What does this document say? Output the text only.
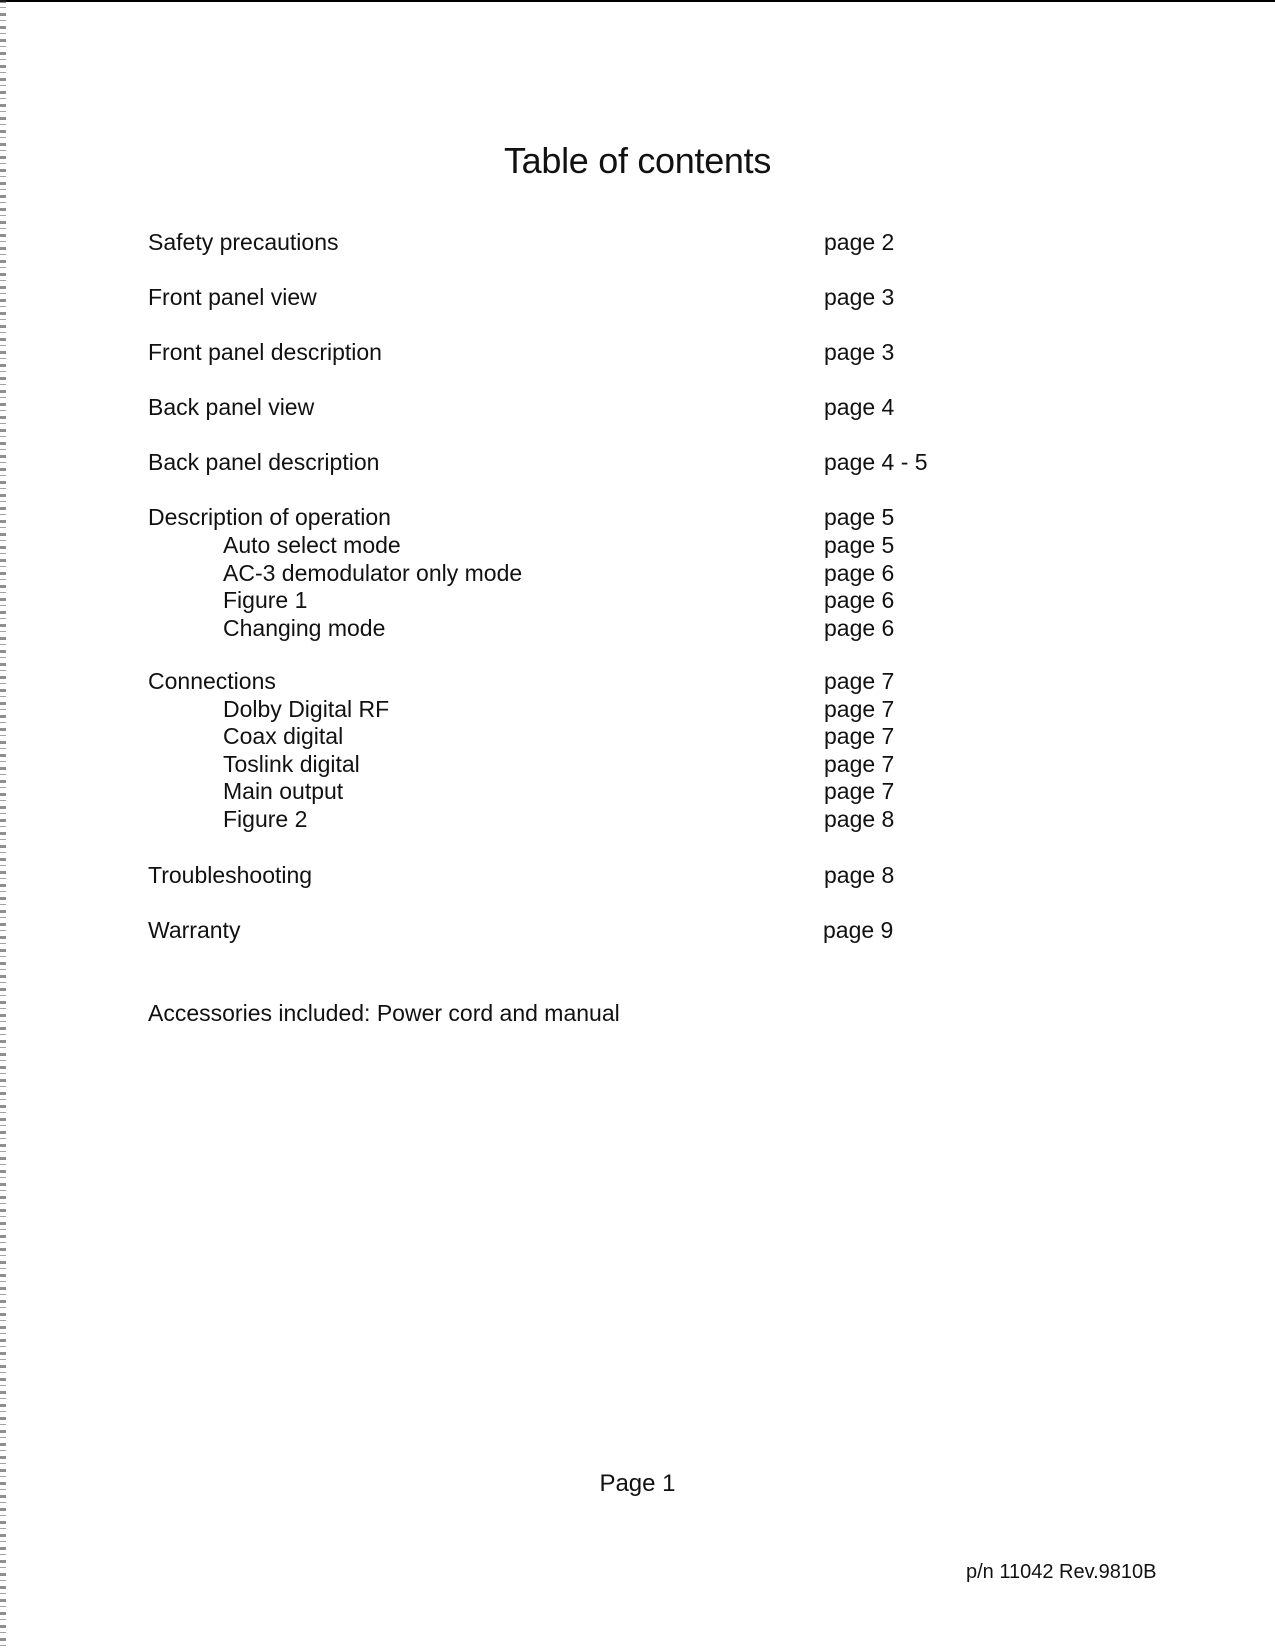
Table of contents
Safety precautions	page 2
Front panel view	page 3
Front panel description	page 3
Back panel view	page 4
Back panel description	page 4 - 5
Description of operation	page 5
Auto select mode	page 5
AC-3 demodulator only mode	page 6
Figure 1	page 6
Changing mode	page 6
Connections	page 7
Dolby Digital RF	page 7
Coax digital	page 7
Toslink digital	page 7
Main output	page 7
Figure 2	page 8
Troubleshooting	page 8
Warranty	page 9
Accessories included: Power cord and manual
Page 1
p/n 11042 Rev.9810B
